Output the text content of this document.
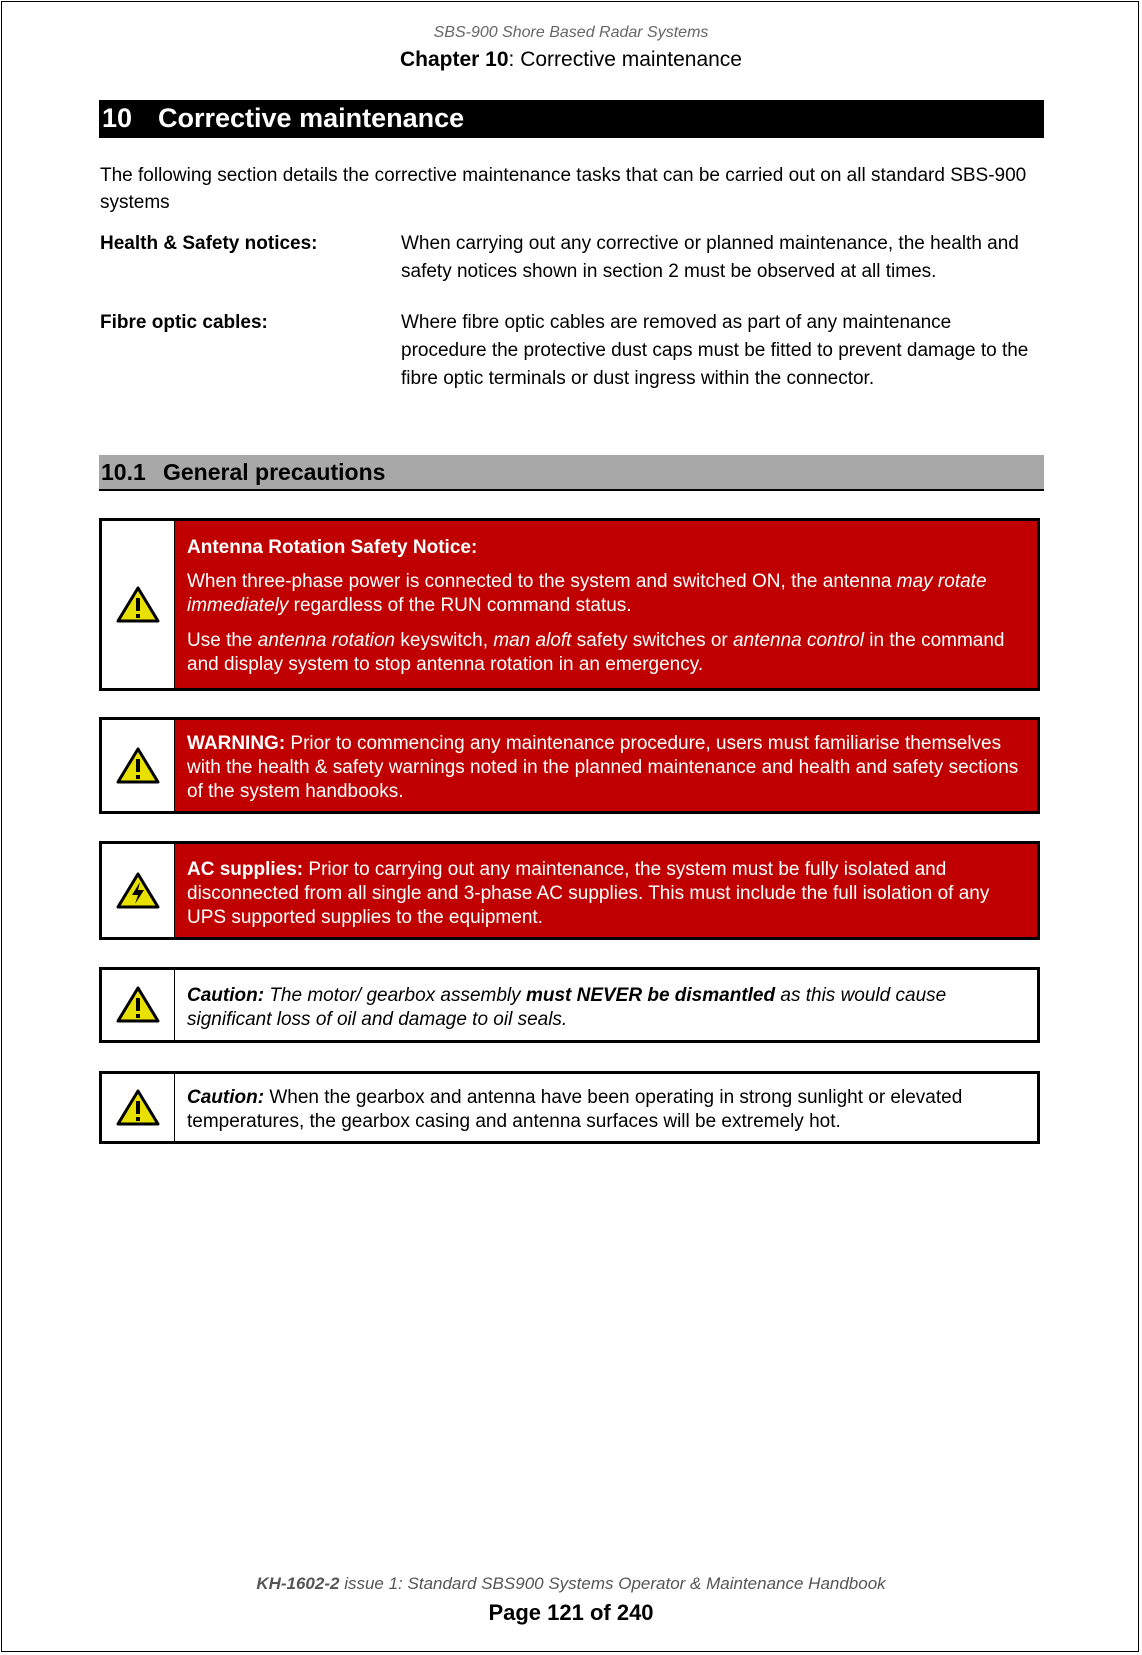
SBS-900 Shore Based Radar Systems
Chapter 10: Corrective maintenance
10 Corrective maintenance
The following section details the corrective maintenance tasks that can be carried out on all standard SBS-900 systems
Health & Safety notices:	When carrying out any corrective or planned maintenance, the health and safety notices shown in section 2 must be observed at all times.
Fibre optic cables:	Where fibre optic cables are removed as part of any maintenance procedure the protective dust caps must be fitted to prevent damage to the fibre optic terminals or dust ingress within the connector.
10.1 General precautions

Antenna Rotation Safety Notice:

When three-phase power is connected to the system and switched ON, the antenna may rotate immediately regardless of the RUN command status.

Use the antenna rotation keyswitch, man aloft safety switches or antenna control in the command and display system to stop antenna rotation in an emergency.

WARNING: Prior to commencing any maintenance procedure, users must familiarise themselves with the health & safety warnings noted in the planned maintenance and health and safety sections of the system handbooks.

AC supplies: Prior to carrying out any maintenance, the system must be fully isolated and disconnected from all single and 3-phase AC supplies. This must include the full isolation of any UPS supported supplies to the equipment.

Caution: The motor/ gearbox assembly must NEVER be dismantled as this would cause significant loss of oil and damage to oil seals.

Caution: When the gearbox and antenna have been operating in strong sunlight or elevated temperatures, the gearbox casing and antenna surfaces will be extremely hot.

KH-1602-2 issue 1: Standard SBS900 Systems Operator & Maintenance Handbook
Page 121 of 240
